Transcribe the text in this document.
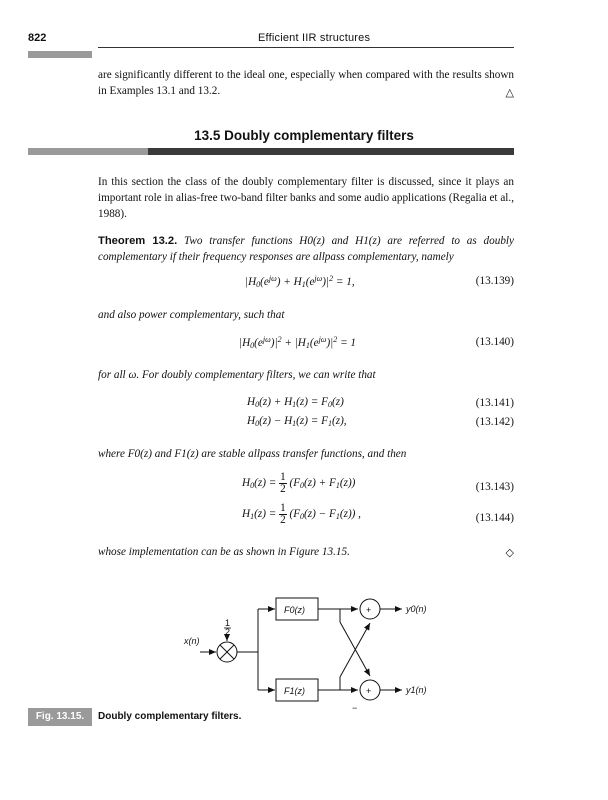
822	Efficient IIR structures
are significantly different to the ideal one, especially when compared with the results shown
in Examples 13.1 and 13.2.	△
13.5 Doubly complementary filters
In this section the class of the doubly complementary filter is discussed, since it plays an important role in alias-free two-band filter banks and some audio applications (Regalia et al., 1988).
Theorem 13.2. Two transfer functions H0(z) and H1(z) are referred to as doubly complementary if their frequency responses are allpass complementary, namely
$|H_0(e^{j\omega}) + H_1(e^{j\omega})|^2 = 1$,	(13.139)
and also power complementary, such that
$|H_0(e^{j\omega})|^2 + |H_1(e^{j\omega})|^2 = 1$	(13.140)
for all ω. For doubly complementary filters, we can write that
$H_0(z) + H_1(z) = F_0(z)$	(13.141)
$H_0(z) - H_1(z) = F_1(z)$,	(13.142)
where F0(z) and F1(z) are stable allpass transfer functions, and then
$H_0(z) = \frac{1}{2} (F_0(z) + F_1(z))$	(13.143)
$H_1(z) = \frac{1}{2} (F_0(z) - F_1(z))$ ,	(13.144)
whose implementation can be as shown in Figure 13.15.	◇
x(n)
1
2
F0(z)
F1(z)
+
+
−
y0(n)
y1(n)
Fig. 13.15.	Doubly complementary filters.
